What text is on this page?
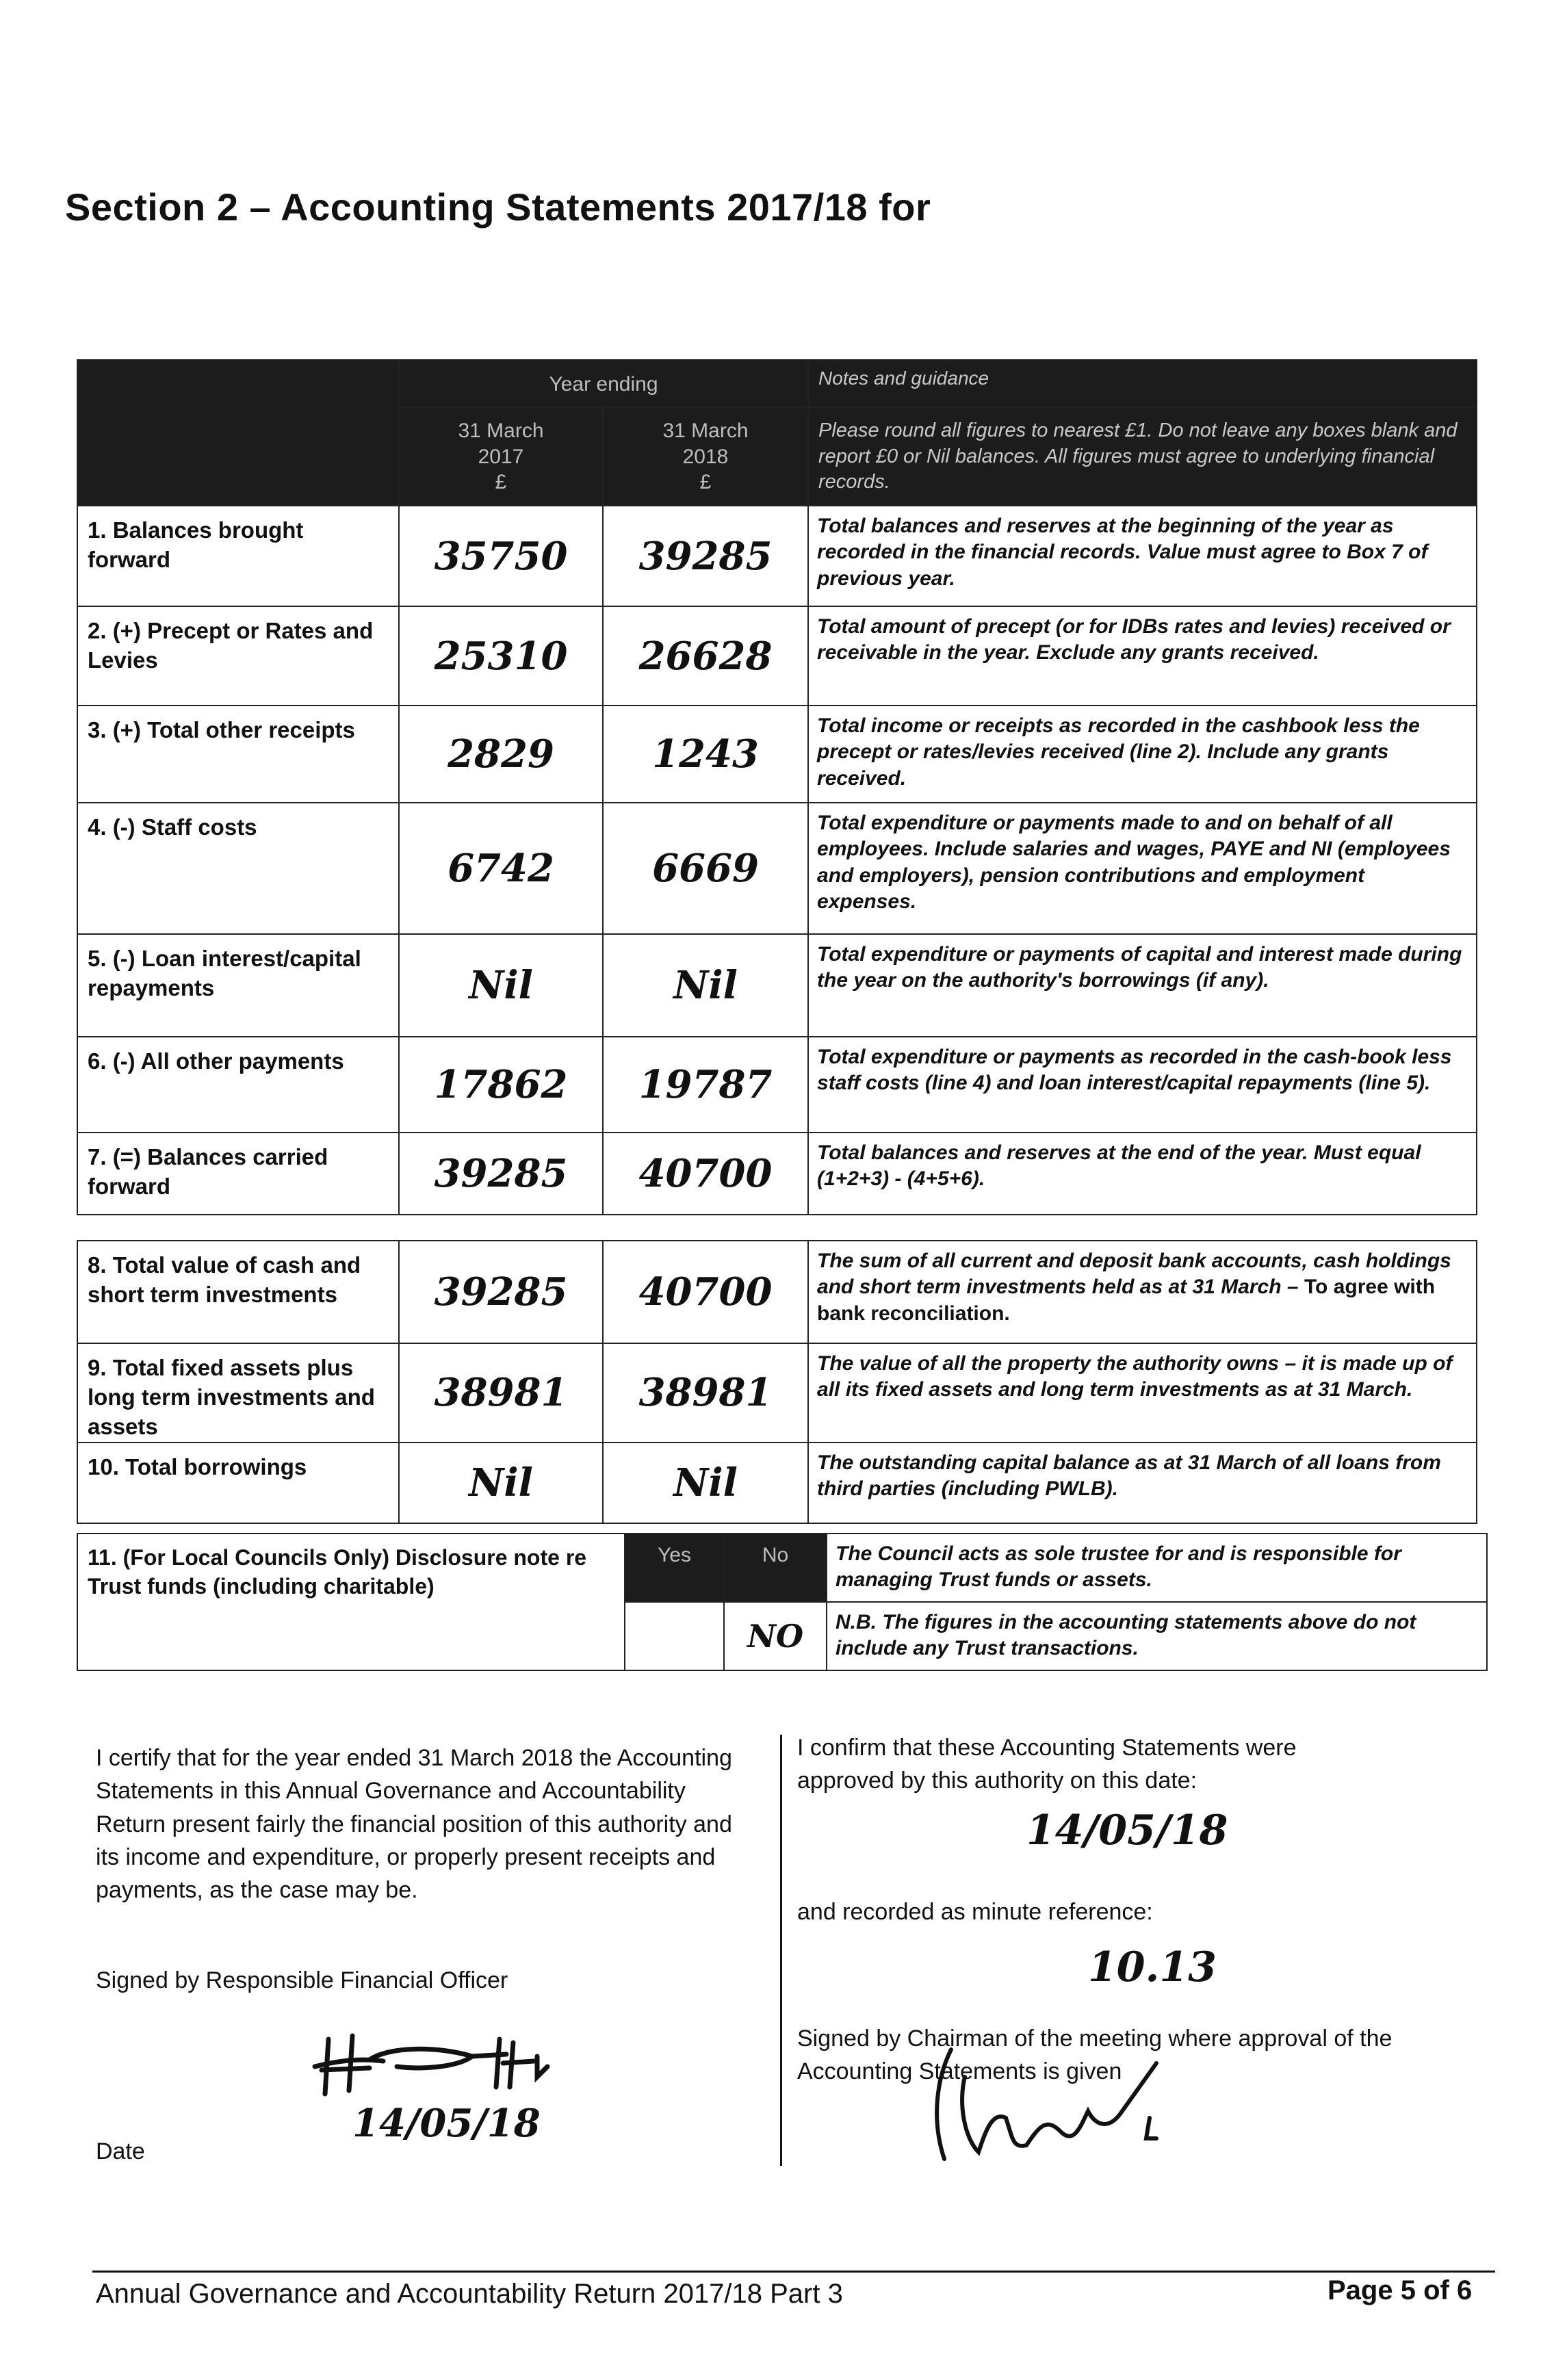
Section 2 – Accounting Statements 2017/18 for
	Year ending		Notes and guidance
	31 March
2017
£	31 March
2018
£	Please round all figures to nearest £1. Do not leave any boxes blank and report £0 or Nil balances. All figures must agree to underlying financial records.
1. Balances brought forward	35750	39285	Total balances and reserves at the beginning of the year as recorded in the financial records. Value must agree to Box 7 of previous year.
2. (+) Precept or Rates and Levies	25310	26628	Total amount of precept (or for IDBs rates and levies) received or receivable in the year. Exclude any grants received.
3. (+) Total other receipts	2829	1243	Total income or receipts as recorded in the cashbook less the precept or rates/levies received (line 2). Include any grants received.
4. (-) Staff costs	6742	6669	Total expenditure or payments made to and on behalf of all employees. Include salaries and wages, PAYE and NI (employees and employers), pension contributions and employment expenses.
5. (-) Loan interest/capital repayments	Nil	Nil	Total expenditure or payments of capital and interest made during the year on the authority's borrowings (if any).
6. (-) All other payments	17862	19787	Total expenditure or payments as recorded in the cash-book less staff costs (line 4) and loan interest/capital repayments (line 5).
7. (=) Balances carried forward	39285	40700	Total balances and reserves at the end of the year. Must equal (1+2+3) - (4+5+6).

8. Total value of cash and short term investments	39285	40700	The sum of all current and deposit bank accounts, cash holdings and short term investments held as at 31 March – To agree with bank reconciliation.
9. Total fixed assets plus long term investments and assets	38981	38981	The value of all the property the authority owns – it is made up of all its fixed assets and long term investments as at 31 March.
10. Total borrowings	Nil	Nil	The outstanding capital balance as at 31 March of all loans from third parties (including PWLB).
11. (For Local Councils Only) Disclosure note re Trust funds (including charitable)	Yes	No	The Council acts as sole trustee for and is responsible for managing Trust funds or assets.
		NO	N.B. The figures in the accounting statements above do not include any Trust transactions.
I certify that for the year ended 31 March 2018 the Accounting Statements in this Annual Governance and Accountability Return present fairly the financial position of this authority and its income and expenditure, or properly present receipts and payments, as the case may be.
Signed by Responsible Financial Officer
Date
14/05/18
I confirm that these Accounting Statements were approved by this authority on this date:
14/05/18
and recorded as minute reference:
10.13
Signed by Chairman of the meeting where approval of the Accounting Statements is given
Annual Governance and Accountability Return 2017/18 Part 3	Page 5 of 6
